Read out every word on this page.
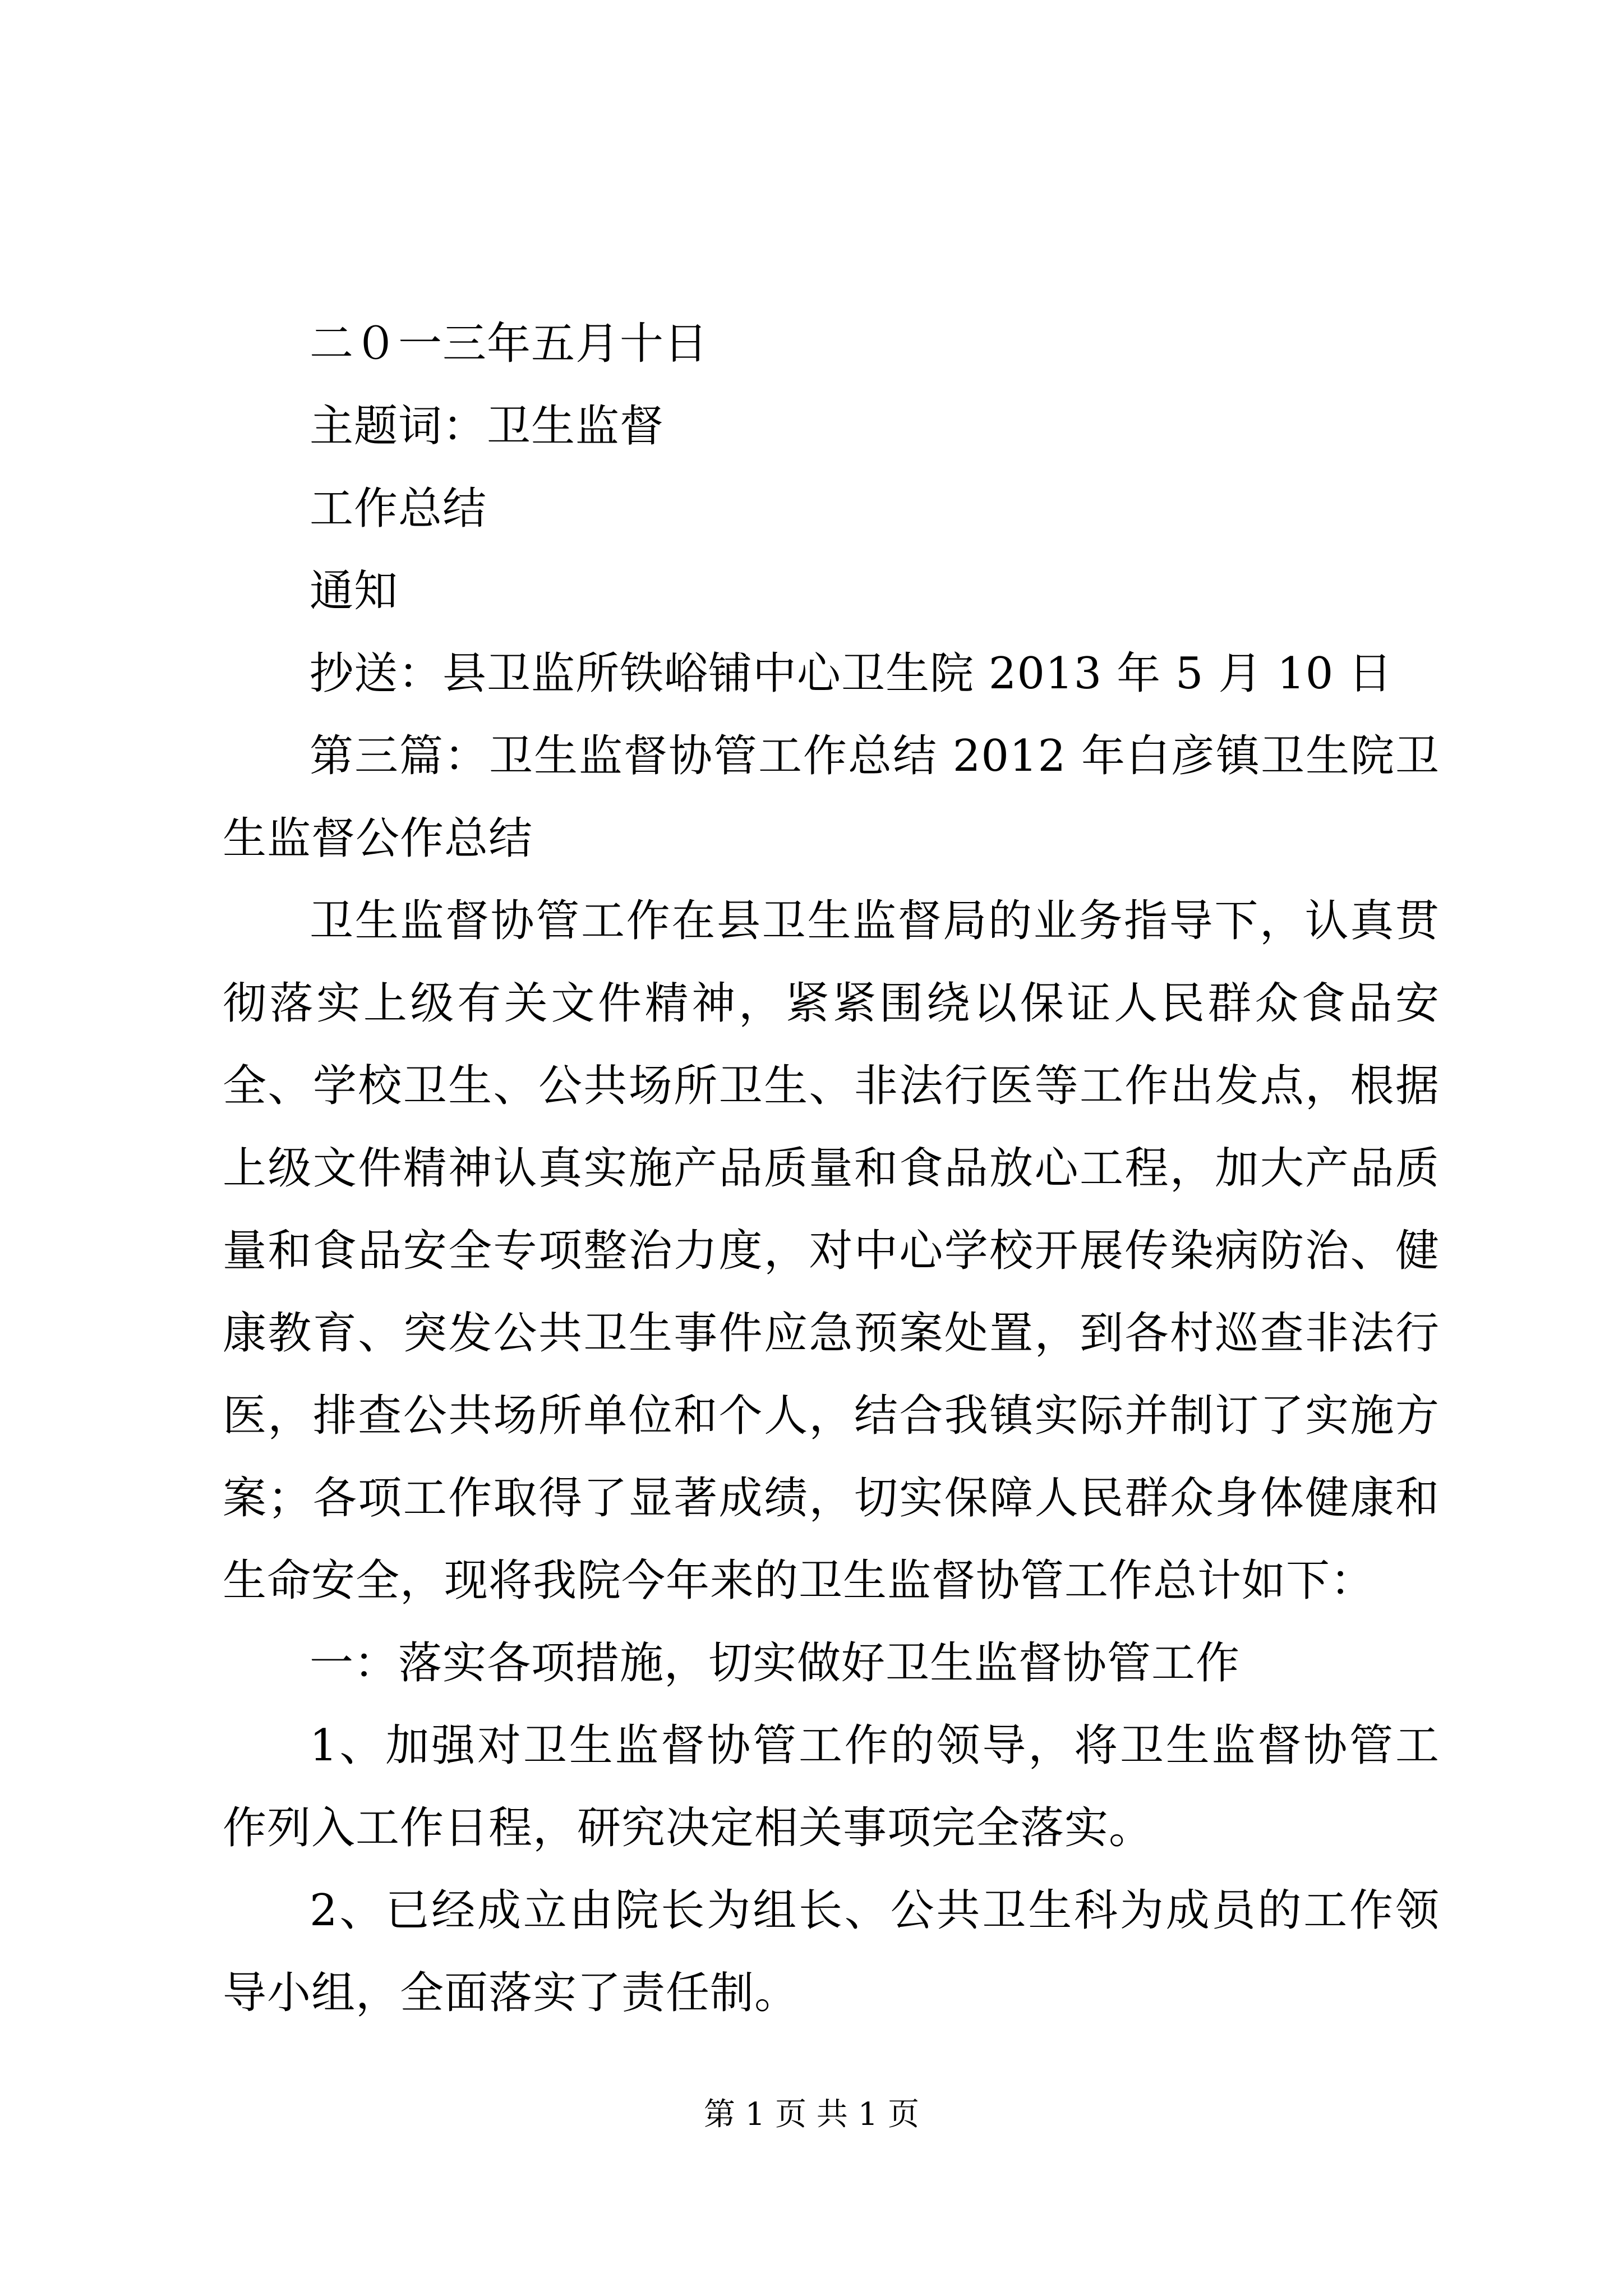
二０一三年五月十日
主题词：卫生监督
工作总结
通知
抄送：县卫监所铁峪铺中心卫生院 2013 年 5 月 10 日
第三篇：卫生监督协管工作总结 2012 年白彦镇卫生院卫生监督公作总结
卫生监督协管工作在县卫生监督局的业务指导下，认真贯彻落实上级有关文件精神，紧紧围绕以保证人民群众食品安全、学校卫生、公共场所卫生、非法行医等工作出发点，根据上级文件精神认真实施产品质量和食品放心工程，加大产品质量和食品安全专项整治力度，对中心学校开展传染病防治、健康教育、突发公共卫生事件应急预案处置，到各村巡查非法行医，排查公共场所单位和个人，结合我镇实际并制订了实施方案；各项工作取得了显著成绩，切实保障人民群众身体健康和生命安全，现将我院今年来的卫生监督协管工作总计如下：
一：落实各项措施，切实做好卫生监督协管工作
1、加强对卫生监督协管工作的领导，将卫生监督协管工作列入工作日程，研究决定相关事项完全落实。
2、已经成立由院长为组长、公共卫生科为成员的工作领导小组，全面落实了责任制。
第 1 页 共 1 页
